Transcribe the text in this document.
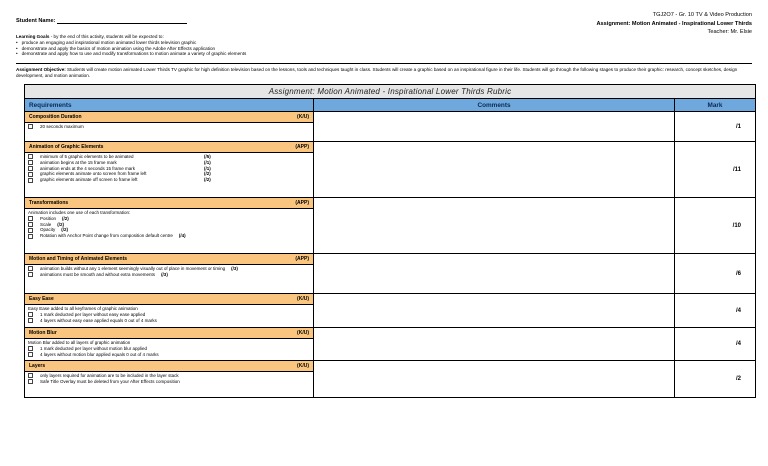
TGJ2O7 - Gr. 10 TV & Video Production
Assignment: Motion Animated - Inspirational Lower Thirds
Teacher: Mr. Elsie
Student Name:
Learning Goals - by the end of this activity, students will be expected to:
• produce an engaging and inspirational motion animated lower thirds television graphic
• demonstrate and apply the basics of motion animation using the Adobe After Effects application
• demonstrate and apply how to use and modify transformations to motion animate a variety of graphic elements
Assignment Objective: Students will create motion animated Lower Thirds TV graphic for high definition television based on the lessons, tools and techniques taught in class. Students will create a graphic based on an inspirational figure in their life. Students will go through the following stages to produce their graphic: research, concept sketches, design development, and motion animation.
Assignment: Motion Animated - Inspirational Lower Thirds Rubric
Requirements	Comments	Mark
Composition Duration	(K/U)
20 seconds maximum	/1
Animation of Graphic Elements	(APP)
minimum of 5 graphic elements to be animated	(/5)
animation begins at the 15 frame mark	(/1)
animation ends at the 4 seconds 15 frame mark	(/1)
graphic elements animate onto screen from frame left	(/2)
graphic elements animate off screen to frame left	(/2)
/11
Transformations	(APP)
Animation includes one use of each transformation:
Position (/2)
Scale (/2)
Opacity (/2)
Rotation with Anchor Point change from composition default centre (/4)
/10
Motion and Timing of Animated Elements	(APP)
animation builds without any 1 element seemingly visually out of place in movement or timing (/3)
animations must be smooth and without extra movements (/3)	/6
Easy Ease	(K/U)
Easy Ease added to all keyframes of graphic animation
1 mark deducted per layer without easy ease applied
4 layers without easy ease applied equals 0 out of 4 marks
/4
Motion Blur	(K/U)
Motion Blur added to all layers of graphic animation
1 mark deducted per layer without motion blur applied
4 layers without motion blur applied equals 0 out of 4 marks
/4
Layers	(K/U)
only layers required for animation are to be included in the layer stack
Safe Title Overlay must be deleted from your After Effects composition	/2
